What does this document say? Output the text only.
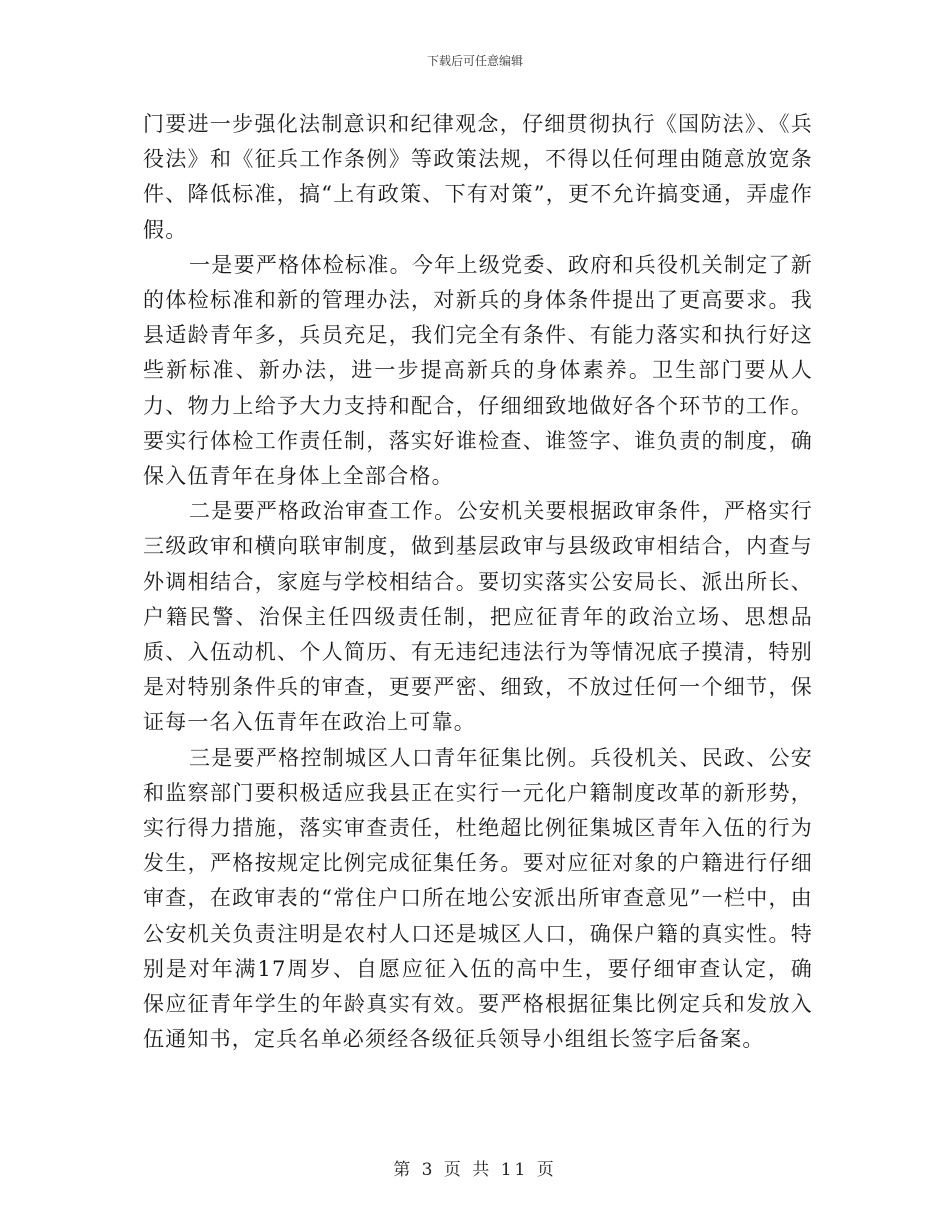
下载后可任意编辑

门要进一步强化法制意识和纪律观念，仔细贯彻执行《国防法》、《兵役法》和《征兵工作条例》等政策法规，不得以任何理由随意放宽条件、降低标准，搞“上有政策、下有对策”，更不允许搞变通，弄虚作假。

一是要严格体检标准。今年上级党委、政府和兵役机关制定了新的体检标准和新的管理办法，对新兵的身体条件提出了更高要求。我县适龄青年多，兵员充足，我们完全有条件、有能力落实和执行好这些新标准、新办法，进一步提高新兵的身体素养。卫生部门要从人力、物力上给予大力支持和配合，仔细细致地做好各个环节的工作。要实行体检工作责任制，落实好谁检查、谁签字、谁负责的制度，确保入伍青年在身体上全部合格。

二是要严格政治审查工作。公安机关要根据政审条件，严格实行三级政审和横向联审制度，做到基层政审与县级政审相结合，内查与外调相结合，家庭与学校相结合。要切实落实公安局长、派出所长、户籍民警、治保主任四级责任制，把应征青年的政治立场、思想品质、入伍动机、个人简历、有无违纪违法行为等情况底子摸清，特别是对特别条件兵的审查，更要严密、细致，不放过任何一个细节，保证每一名入伍青年在政治上可靠。

三是要严格控制城区人口青年征集比例。兵役机关、民政、公安和监察部门要积极适应我县正在实行一元化户籍制度改革的新形势，实行得力措施，落实审查责任，杜绝超比例征集城区青年入伍的行为发生，严格按规定比例完成征集任务。要对应征对象的户籍进行仔细审查，在政审表的“常住户口所在地公安派出所审查意见”一栏中，由公安机关负责注明是农村人口还是城区人口，确保户籍的真实性。特别是对年满17周岁、自愿应征入伍的高中生，要仔细审查认定，确保应征青年学生的年龄真实有效。要严格根据征集比例定兵和发放入伍通知书，定兵名单必须经各级征兵领导小组组长签字后备案。

第 3 页 共 11 页
